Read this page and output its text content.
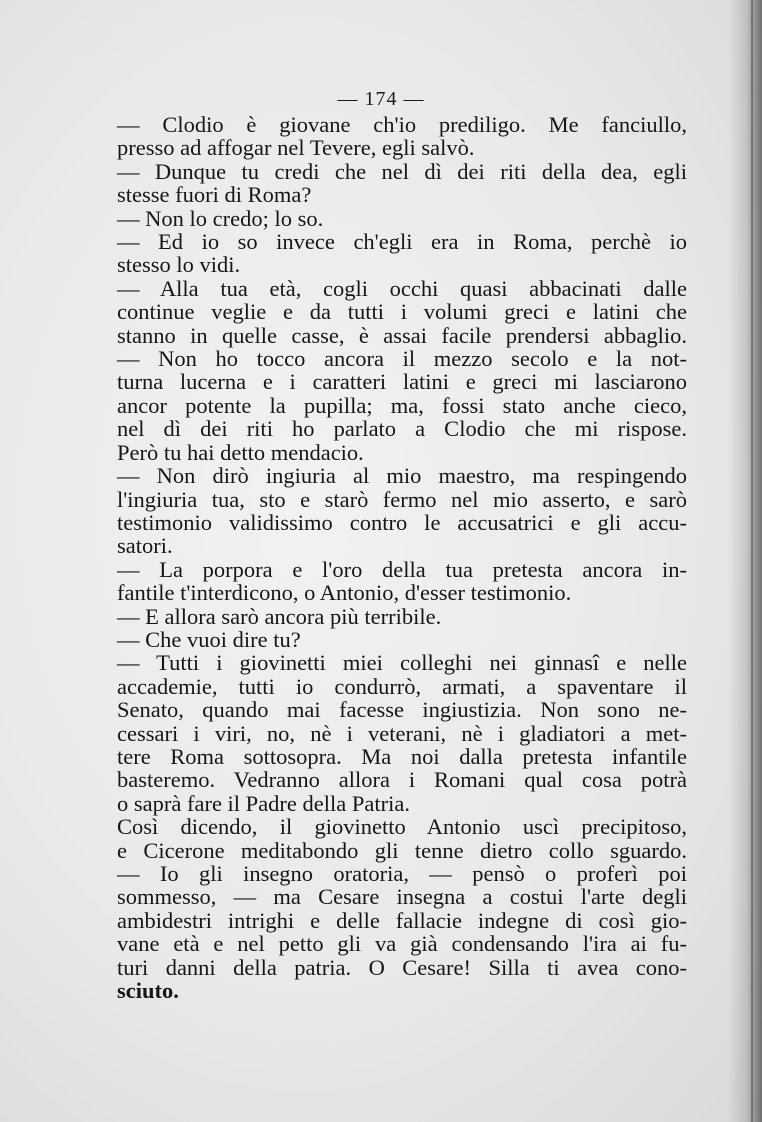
— 174 —
— Clodio è giovane ch'io prediligo. Me fanciullo,
presso ad affogar nel Tevere, egli salvò.
— Dunque tu credi che nel dì dei riti della dea, egli
stesse fuori di Roma?
— Non lo credo; lo so.
— Ed io so invece ch'egli era in Roma, perchè io
stesso lo vidi.
— Alla tua età, cogli occhi quasi abbacinati dalle
continue veglie e da tutti i volumi greci e latini che
stanno in quelle casse, è assai facile prendersi abbaglio.
— Non ho tocco ancora il mezzo secolo e la not-
turna lucerna e i caratteri latini e greci mi lasciarono
ancor potente la pupilla; ma, fossi stato anche cieco,
nel dì dei riti ho parlato a Clodio che mi rispose.
Però tu hai detto mendacio.
— Non dirò ingiuria al mio maestro, ma respingendo
l'ingiuria tua, sto e starò fermo nel mio asserto, e sarò
testimonio validissimo contro le accusatrici e gli accu-
satori.
— La porpora e l'oro della tua pretesta ancora in-
fantile t'interdicono, o Antonio, d'esser testimonio.
— E allora sarò ancora più terribile.
— Che vuoi dire tu?
— Tutti i giovinetti miei colleghi nei ginnasî e nelle
accademie, tutti io condurrò, armati, a spaventare il
Senato, quando mai facesse ingiustizia. Non sono ne-
cessari i viri, no, nè i veterani, nè i gladiatori a met-
tere Roma sottosopra. Ma noi dalla pretesta infantile
basteremo. Vedranno allora i Romani qual cosa potrà
o saprà fare il Padre della Patria.
Così dicendo, il giovinetto Antonio uscì precipitoso,
e Cicerone meditabondo gli tenne dietro collo sguardo.
— Io gli insegno oratoria, — pensò o proferì poi
sommesso, — ma Cesare insegna a costui l'arte degli
ambidestri intrighi e delle fallacie indegne di così gio-
vane età e nel petto gli va già condensando l'ira ai fu-
turi danni della patria. O Cesare! Silla ti avea cono-
sciuto.
